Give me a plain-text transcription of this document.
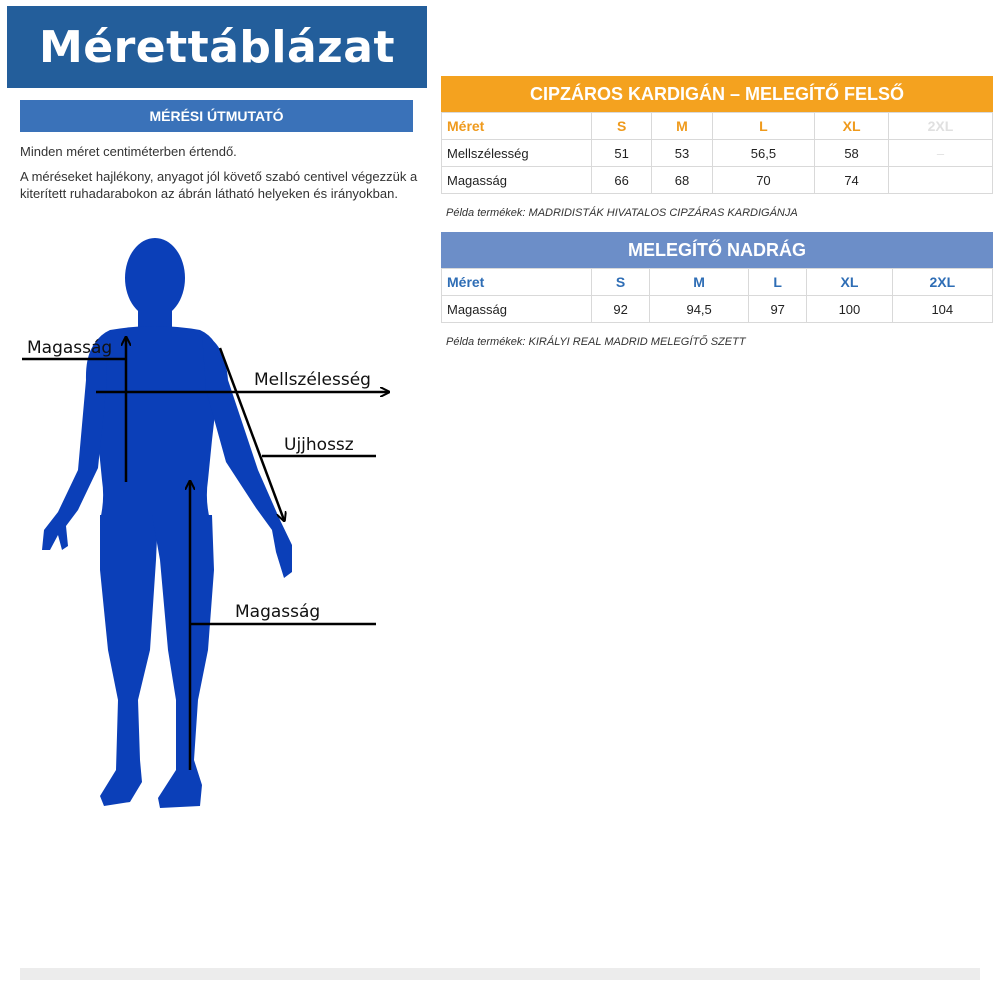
Mérettáblázat
MÉRÉSI ÚTMUTATÓ
Minden méret centiméterben értendő.
A méréseket hajlékony, anyagot jól követő szabó centivel végezzük a kiterített ruhadarabokon az ábrán látható helyeken és irányokban.
Magasság
Mellszélesség
Ujjhossz
Magasság
CIPZÁROS KARDIGÁN – MELEGÍTŐ FELSŐ
Méret	S	M	L	XL	2XL
Mellszélesség	51	53	56,5	58	–
Magasság	66	68	70	74	
Példa termékek: MADRIDISTÁK HIVATALOS CIPZÁRAS KARDIGÁNJA
MELEGÍTŐ NADRÁG
Méret	S	M	L	XL	2XL
Magasság	92	94,5	97	100	104
Példa termékek: KIRÁLYI REAL MADRID MELEGÍTŐ SZETT
